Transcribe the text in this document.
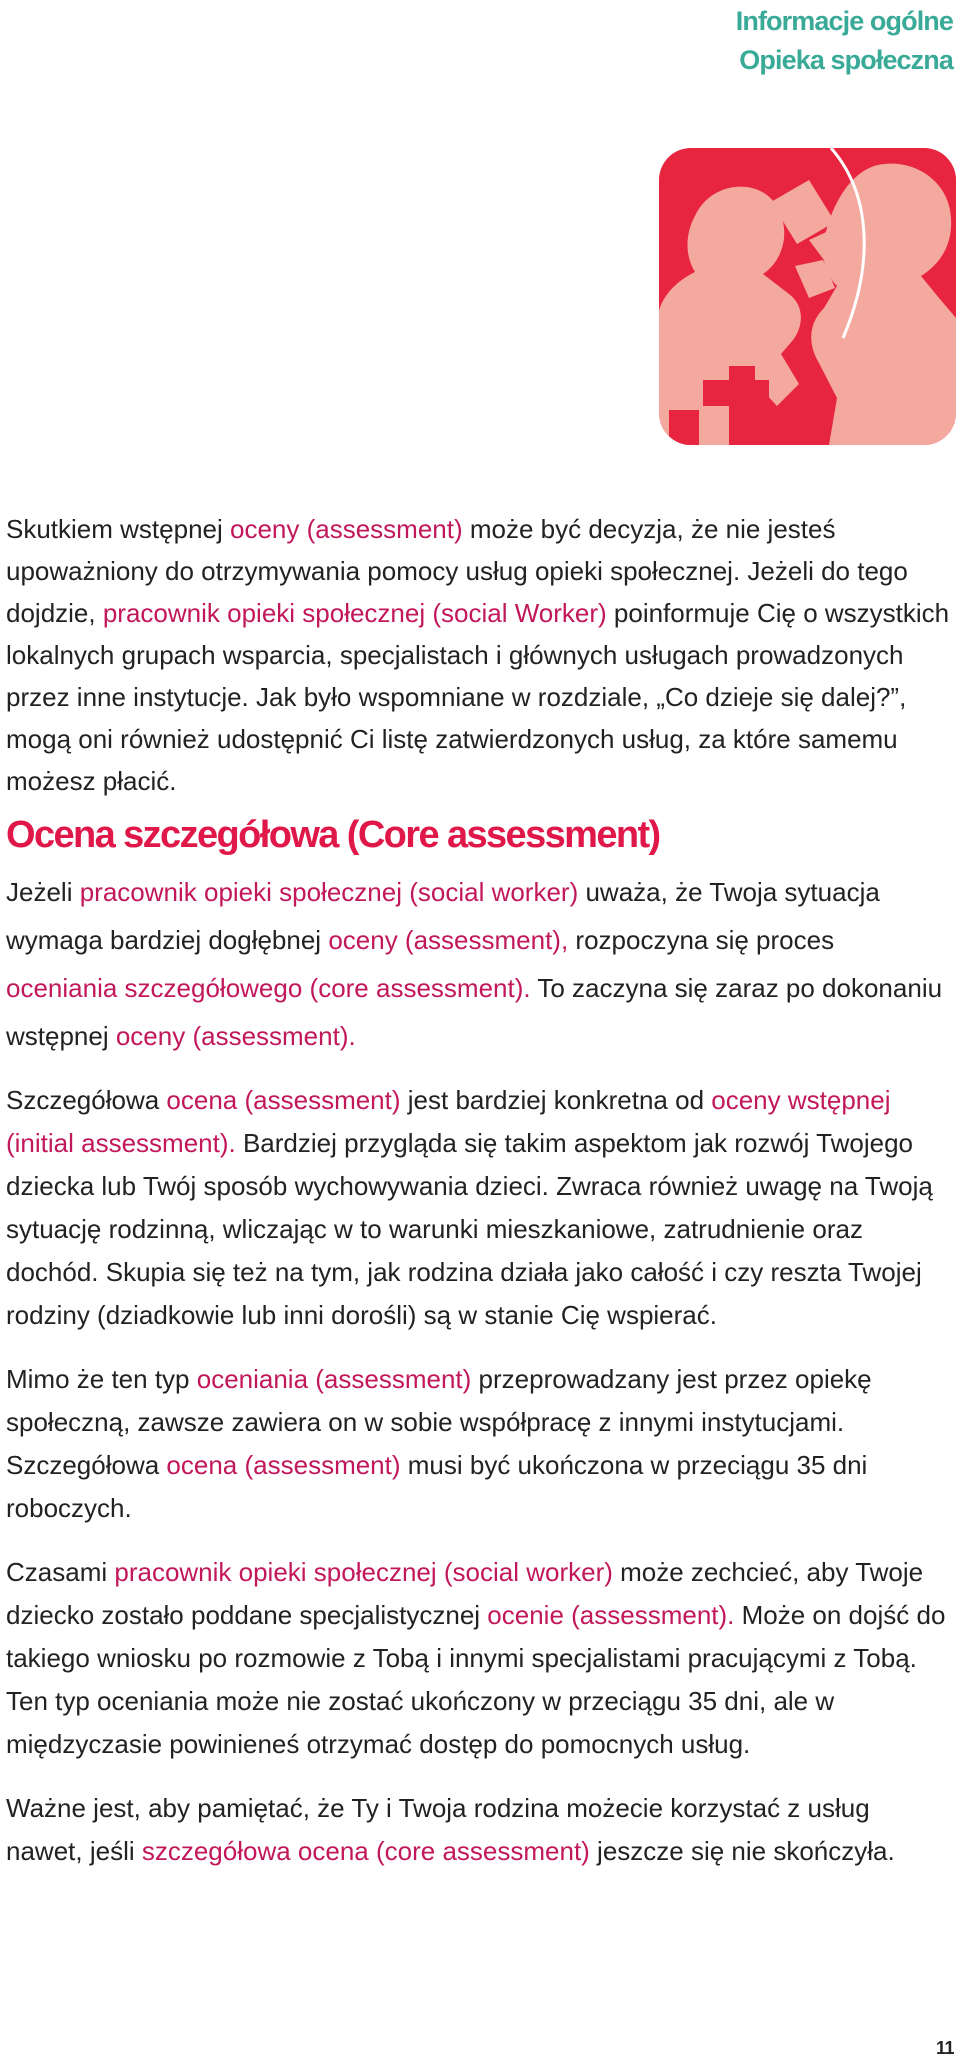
Informacje ogólne
Opieka społeczna

Skutkiem wstępnej oceny (assessment) może być decyzja, że nie jesteś upoważniony do otrzymywania pomocy usług opieki społecznej. Jeżeli do tego dojdzie, pracownik opieki społecznej (social Worker) poinformuje Cię o wszystkich lokalnych grupach wsparcia, specjalistach i głównych usługach prowadzonych przez inne instytucje. Jak było wspomniane w rozdziale, „Co dzieje się dalej?”, mogą oni również udostępnić Ci listę zatwierdzonych usług, za które samemu możesz płacić.

Ocena szczegółowa (Core assessment)

Jeżeli pracownik opieki społecznej (social worker) uważa, że Twoja sytuacja wymaga bardziej dogłębnej oceny (assessment), rozpoczyna się proces oceniania szczegółowego (core assessment). To zaczyna się zaraz po dokonaniu wstępnej oceny (assessment).

Szczegółowa ocena (assessment) jest bardziej konkretna od oceny wstępnej (initial assessment). Bardziej przygląda się takim aspektom jak rozwój Twojego dziecka lub Twój sposób wychowywania dzieci. Zwraca również uwagę na Twoją sytuację rodzinną, wliczając w to warunki mieszkaniowe, zatrudnienie oraz dochód. Skupia się też na tym, jak rodzina działa jako całość i czy reszta Twojej rodziny (dziadkowie lub inni dorośli) są w stanie Cię wspierać.

Mimo że ten typ oceniania (assessment) przeprowadzany jest przez opiekę społeczną, zawsze zawiera on w sobie współpracę z innymi instytucjami. Szczegółowa ocena (assessment) musi być ukończona w przeciągu 35 dni roboczych.

Czasami pracownik opieki społecznej (social worker) może zechcieć, aby Twoje dziecko zostało poddane specjalistycznej ocenie (assessment). Może on dojść do takiego wniosku po rozmowie z Tobą i innymi specjalistami pracującymi z Tobą. Ten typ oceniania może nie zostać ukończony w przeciągu 35 dni, ale w międzyczasie powinieneś otrzymać dostęp do pomocnych usług.

Ważne jest, aby pamiętać, że Ty i Twoja rodzina możecie korzystać z usług nawet, jeśli szczegółowa ocena (core assessment) jeszcze się nie skończyła.

11
